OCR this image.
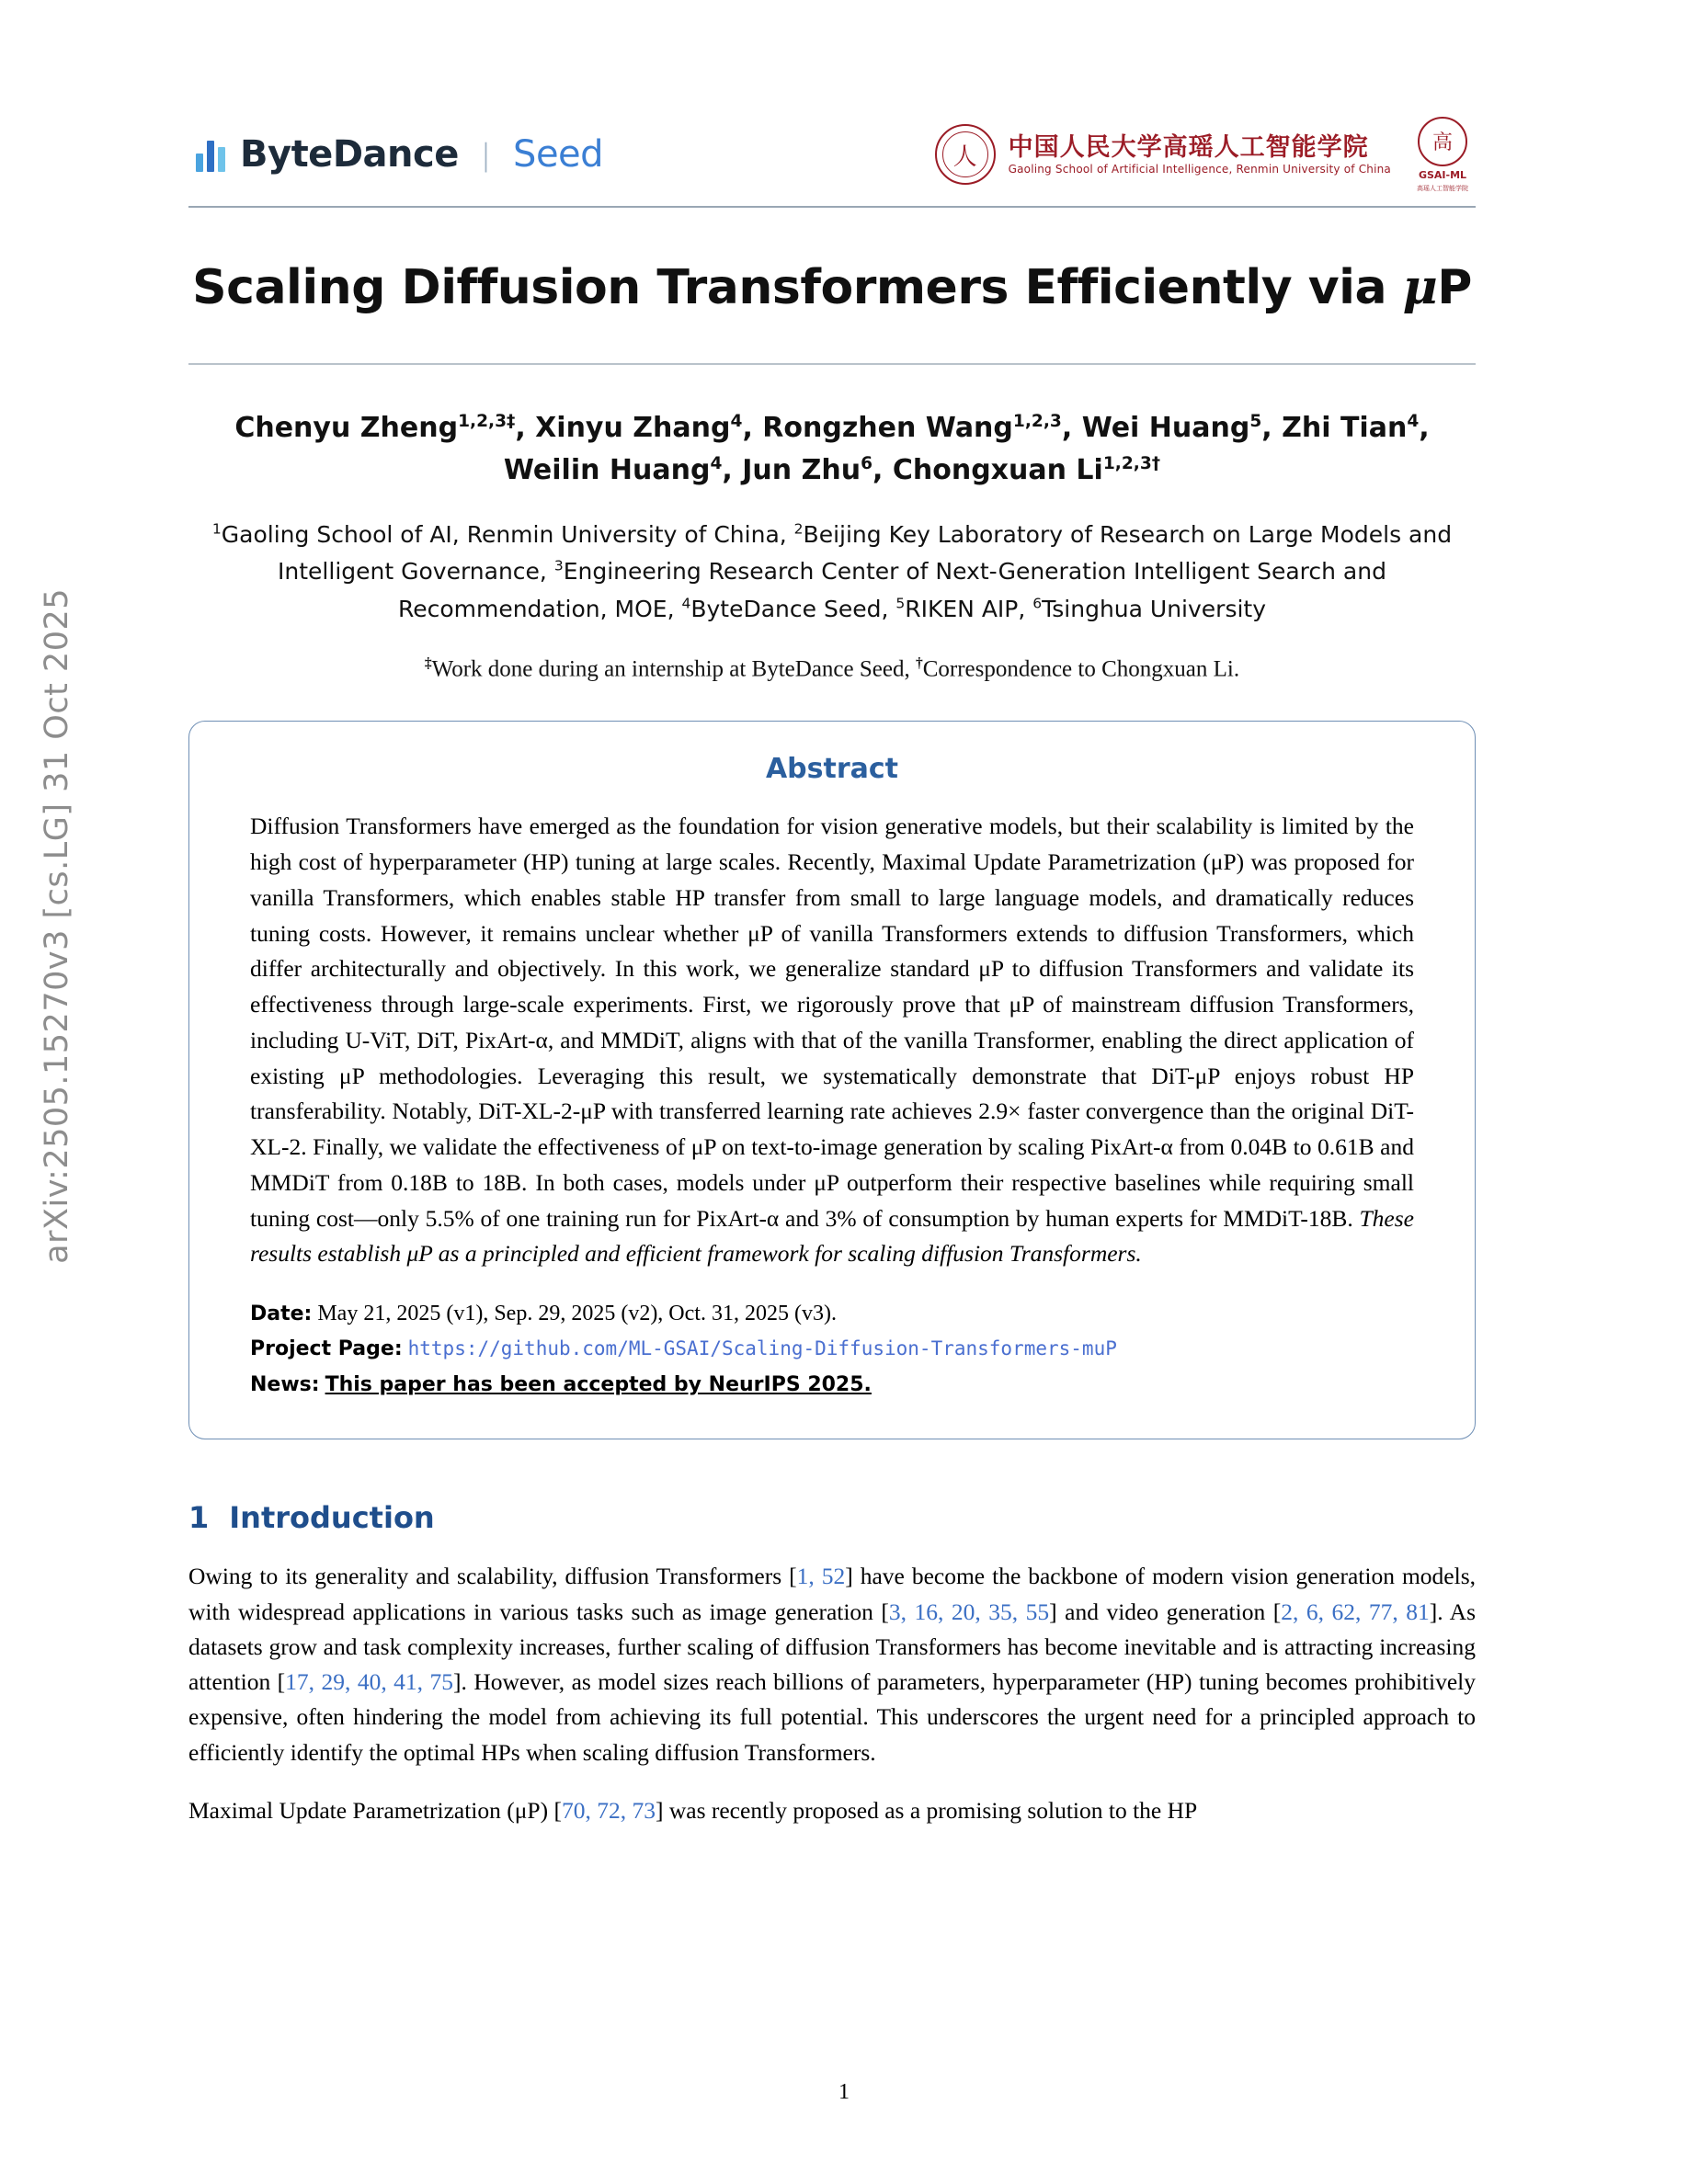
arXiv:2505.15270v3 [cs.LG] 31 Oct 2025
ByteDance | Seed	人	中国人民大学高瑶人工智能学院
Gaoling School of Artificial Intelligence, Renmin University of China
高
GSAI-ML
高瑶人工智能学院
Scaling Diffusion Transformers Efficiently via μP
Chenyu Zheng$^{1,2,3\ddagger}$, Xinyu Zhang$^4$, Rongzhen Wang$^{1,2,3}$, Wei Huang$^5$, Zhi Tian$^4$,
Weilin Huang$^4$, Jun Zhu$^6$, Chongxuan $Li^{1,2,3\dagger}$
$^1$Gaoling School of AI, Renmin University of China, $^2$Beijing Key Laboratory of Research on Large Models and Intelligent Governance, $^3$Engineering Research Center of Next-Generation Intelligent Search and Recommendation, MOE, $^4$ByteDance Seed, $^5$RIKEN AIP, $^6$Tsinghua University
‡Work done during an internship at ByteDance Seed, †Correspondence to Chongxuan Li.
Abstract
Diffusion Transformers have emerged as the foundation for vision generative models, but their scalability is limited by the high cost of hyperparameter (HP) tuning at large scales. Recently, Maximal Update Parametrization (μP) was proposed for vanilla Transformers, which enables stable HP transfer from small to large language models, and dramatically reduces tuning costs. However, it remains unclear whether μP of vanilla Transformers extends to diffusion Transformers, which differ architecturally and objectively. In this work, we generalize standard μP to diffusion Transformers and validate its effectiveness through large-scale experiments. First, we rigorously prove that μP of mainstream diffusion Transformers, including U-ViT, DiT, PixArt-α, and MMDiT, aligns with that of the vanilla Transformer, enabling the direct application of existing μP methodologies. Leveraging this result, we systematically demonstrate that DiT-μP enjoys robust HP transferability. Notably, DiT-XL-2-μP with transferred learning rate achieves 2.9× faster convergence than the original DiT-XL-2. Finally, we validate the effectiveness of μP on text-to-image generation by scaling PixArt-α from 0.04B to 0.61B and MMDiT from 0.18B to 18B. In both cases, models under μP outperform their respective baselines while requiring small tuning cost—only 5.5% of one training run for PixArt-α and 3% of consumption by human experts for MMDiT-18B. These results establish μP as a principled and efficient framework for scaling diffusion Transformers.
Date: May 21, 2025 (v1), Sep. 29, 2025 (v2), Oct. 31, 2025 (v3).
Project Page: https://github.com/ML-GSAI/Scaling-Diffusion-Transformers-muP
News: This paper has been accepted by NeurIPS 2025.
1 Introduction

Owing to its generality and scalability, diffusion Transformers [1, 52] have become the backbone of modern vision generation models, with widespread applications in various tasks such as image generation [3, 16, 20, 35, 55] and video generation [2, 6, 62, 77, 81]. As datasets grow and task complexity increases, further scaling of diffusion Transformers has become inevitable and is attracting increasing attention [17, 29, 40, 41, 75]. However, as model sizes reach billions of parameters, hyperparameter (HP) tuning becomes prohibitively expensive, often hindering the model from achieving its full potential. This underscores the urgent need for a principled approach to efficiently identify the optimal HPs when scaling diffusion Transformers.

Maximal Update Parametrization (μP) [70, 72, 73] was recently proposed as a promising solution to the HP

1
